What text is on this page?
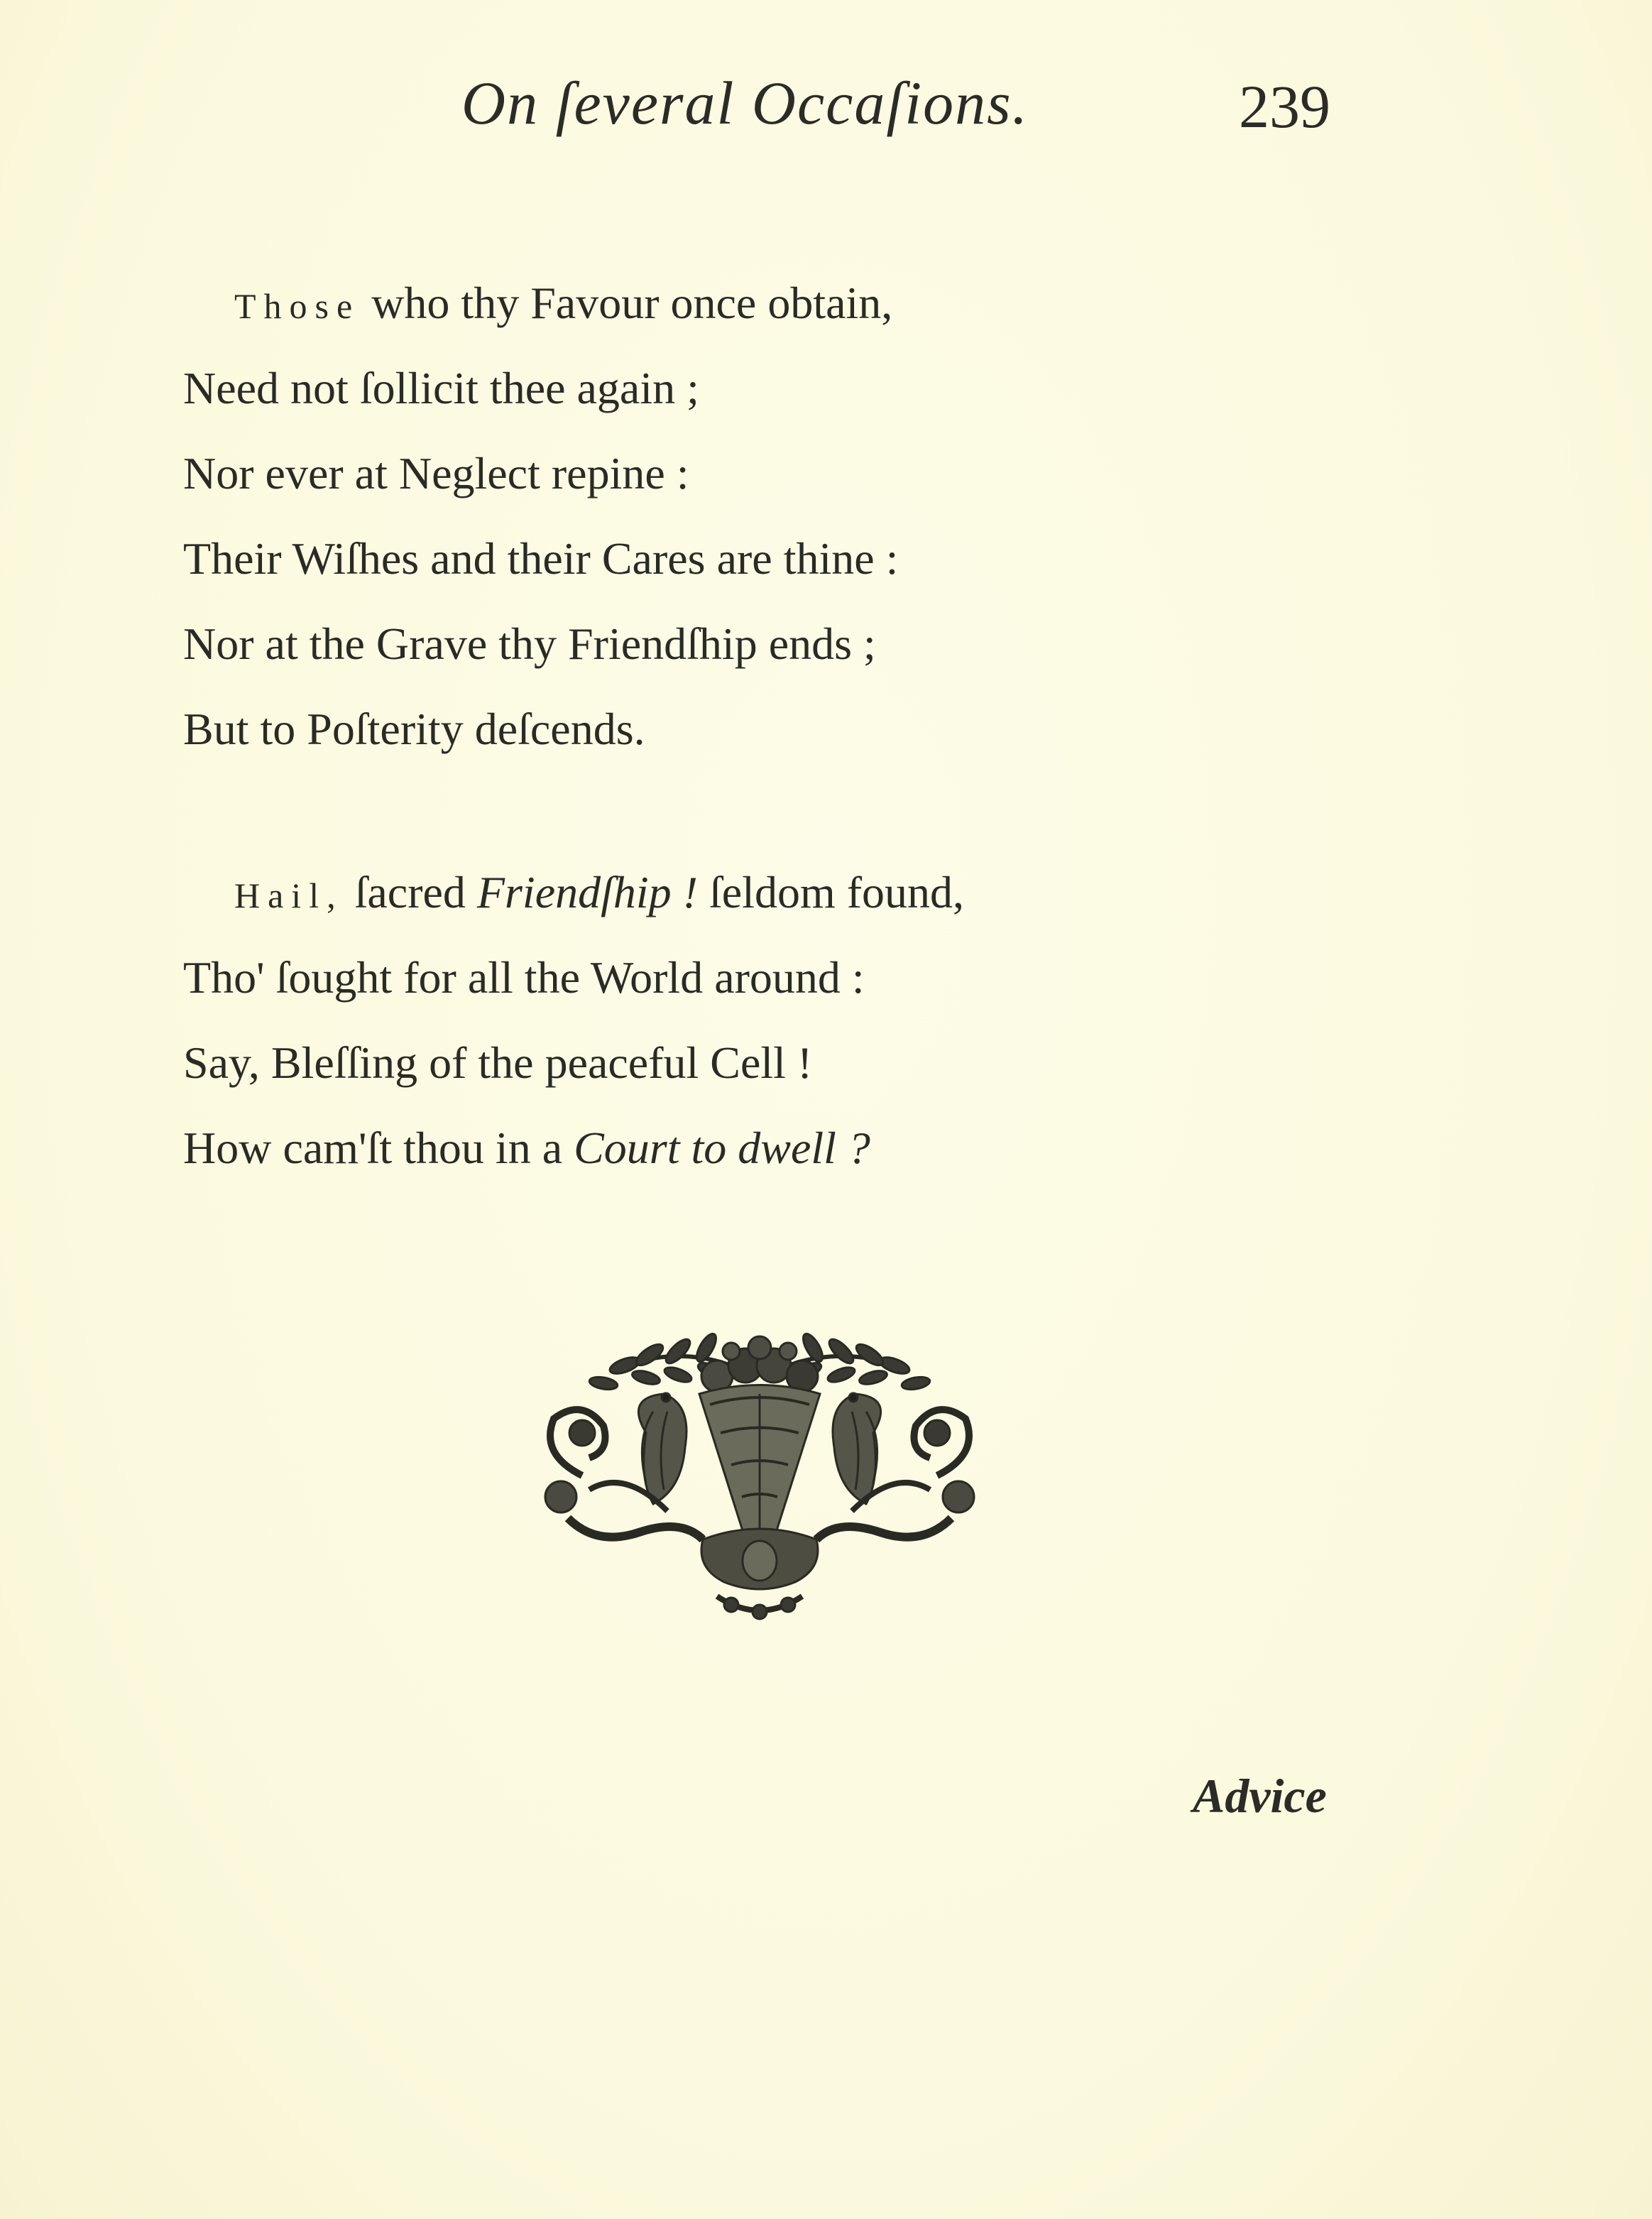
On ſeveral Occaſions.	239
Those who thy Favour once obtain,
Need not ſollicit thee again ;
Nor ever at Neglect repine :
Their Wiſhes and their Cares are thine :
Nor at the Grave thy Friendſhip ends ;
But to Poſterity deſcends.
Hail, ſacred Friendſhip ! ſeldom found,
Tho' ſought for all the World around :
Say, Bleſſing of the peaceful Cell !
How cam'ſt thou in a Court to dwell ?
Advice
